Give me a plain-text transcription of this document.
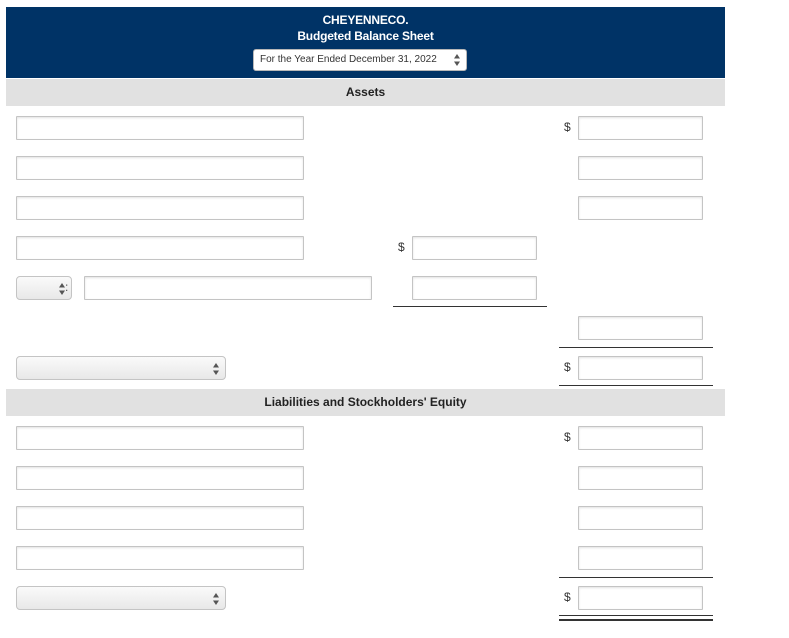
CHEYENNECO.
Budgeted Balance Sheet
For the Year Ended December 31, 2022
Assets
$
$
:
$
Liabilities and Stockholders' Equity
$
$
